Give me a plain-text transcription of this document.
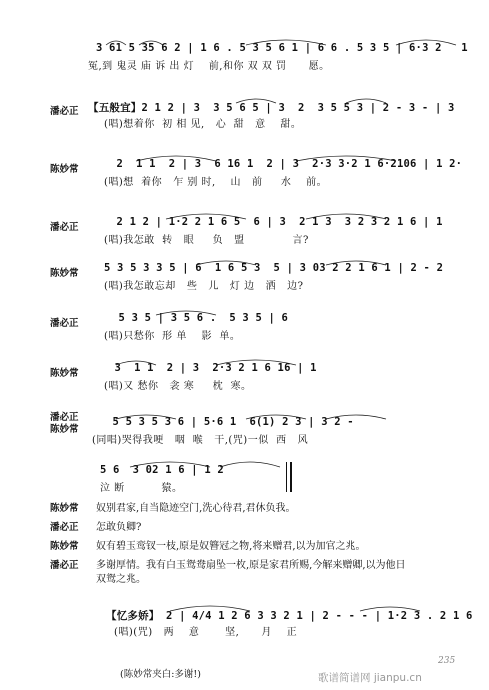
3 61 5 35 6 2 | 1 6 . 5 3 5 6 1 | 6 6 . 5 3 5 | 6·3 2   1
冤,到 鬼灵 庙 诉 出 灯    前,和你 双 双 罚      愿。
潘必正 【五般宜】2 1 2 | 3  3 5 6 5 | 3  2  3 5 5 3 | 2 - 3 - | 3
(唱)想着你  初 相 见,   心  甜   意    甜。
陈妙常	2  1 1  2 | 3  6 16 1  2 | 3  2·3 3·2 1 6·2106 | 1 2·
(唱)想  着你   乍 别 时,    山   前     水    前。
潘必正	2 1 2 | 1·2 2 1 6 5  6 | 3  2 1 3  3 2 3 2 1 6 | 1
(唱)我怎敢  转   眼     负   盟             言?
陈妙常	5 3 5 3 3 5 | 6  1 6 5 3  5 | 3 03 2 2 1 6 1 | 2 - 2
(唱)我怎敢忘却   些   儿   灯 边   洒   边?
潘必正	5 3 5 | 3 5 6 .  5 3 5 | 6
(唱)只愁你  形 单    影  单。
陈妙常	3  1 1  2 | 3  2·3 2 1 6 16 | 1
(唱)又 愁你   衾 寒     枕  寒。
潘必正
陈妙常
5 5 3 5 3 6 | 5·6 1  6(1) 2 3 | 3 2 -
(同唱)哭得我哽   咽  喉   干,(咒)一似  西   风
5 6  3 02 1 6 | 1 2
泣 断          猿。
陈妙常 奴别君家,自当隐迹空门,洗心待君,君休负我。
潘必正 怎敢负卿?
陈妙常 奴有碧玉鸾钗一枝,原是奴簪冠之物,将来赠君,以为加官之兆。
潘必正 多谢厚情。我有白玉鸳鸯扇坠一枚,原是家君所赐,今解来赠卿,以为他日
双鸳之兆。
【忆多娇】 2 | 4/4 1 2 6 3 3 2 1 | 2 - - - | 1·2 3 . 2 1 6
(唱)(咒)   两    意       坚,      月    正
(陈妙常夹白:多谢!)
235
歌谱简谱网 jianpu.cn
